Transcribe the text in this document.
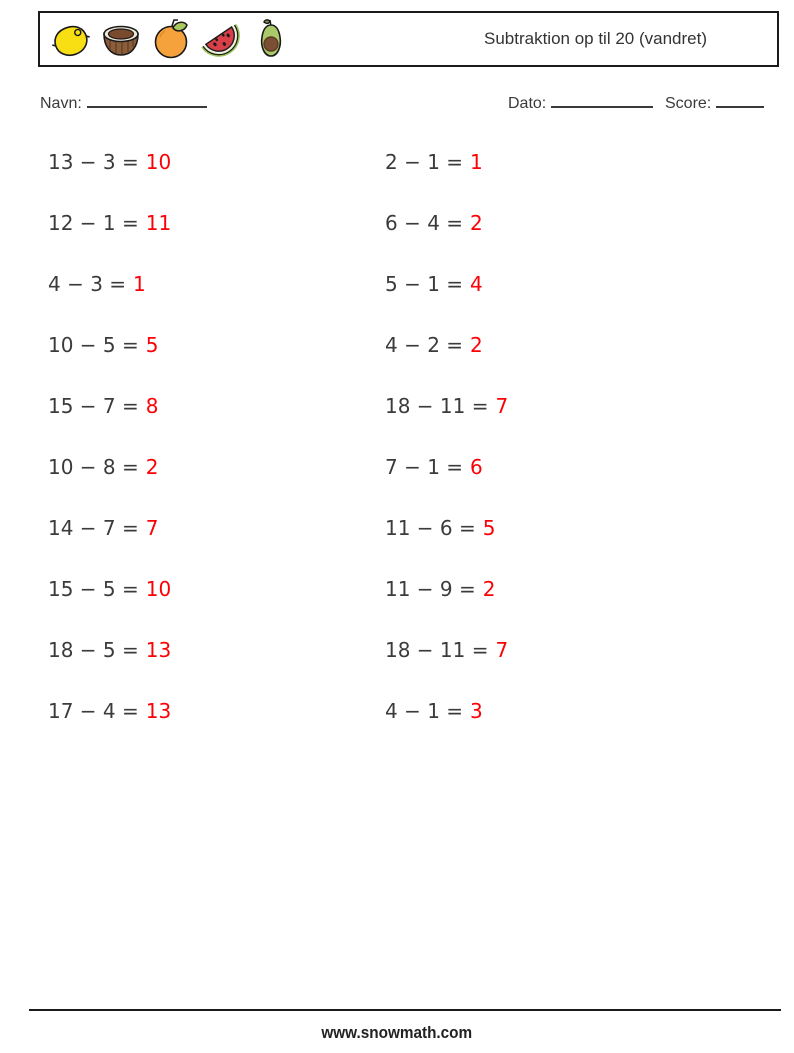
Subtraktion op til 20 (vandret)
Navn:	Dato:	Score:
13 − 3 = 10
12 − 1 = 11
4 − 3 = 1
10 − 5 = 5
15 − 7 = 8
10 − 8 = 2
14 − 7 = 7
15 − 5 = 10
18 − 5 = 13
17 − 4 = 13
2 − 1 = 1
6 − 4 = 2
5 − 1 = 4
4 − 2 = 2
18 − 11 = 7
7 − 1 = 6
11 − 6 = 5
11 − 9 = 2
18 − 11 = 7
4 − 1 = 3
www.snowmath.com
